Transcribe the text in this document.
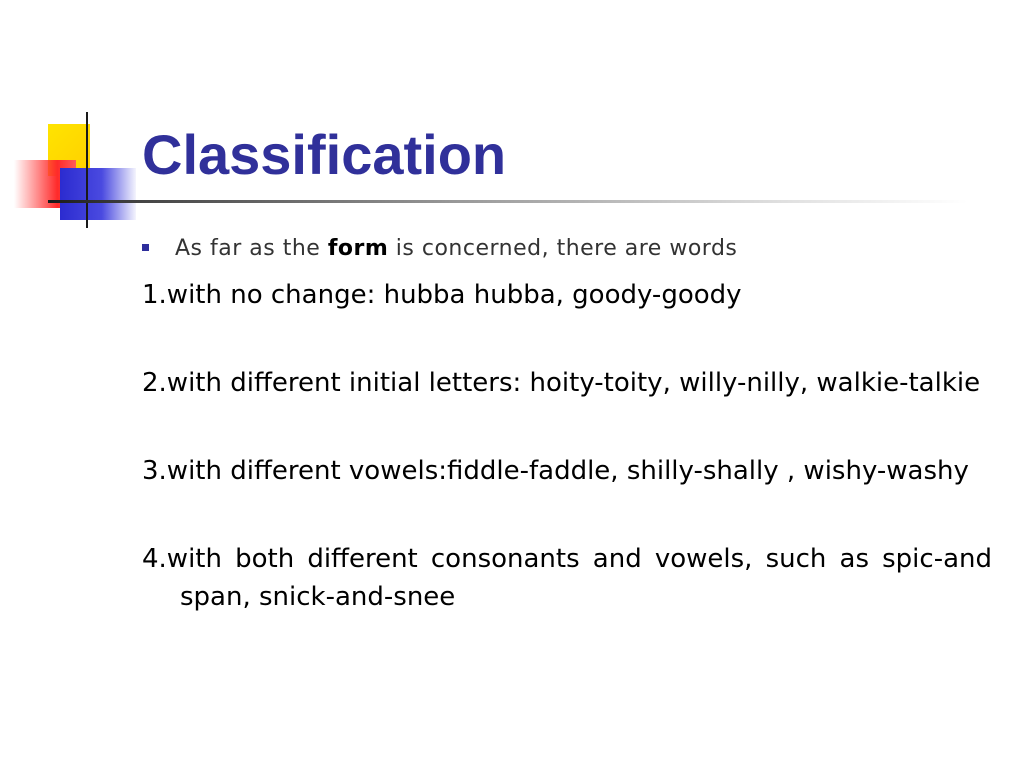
Classification
As far as the form is concerned, there are words

1.with no change: hubba hubba, goody-goody

2.with different initial letters: hoity-toity, willy-nilly, walkie-talkie

3.with different vowels:fiddle-faddle, shilly-shally , wishy-washy

4.with both different consonants and vowels, such as spic-and span, snick-and-snee
